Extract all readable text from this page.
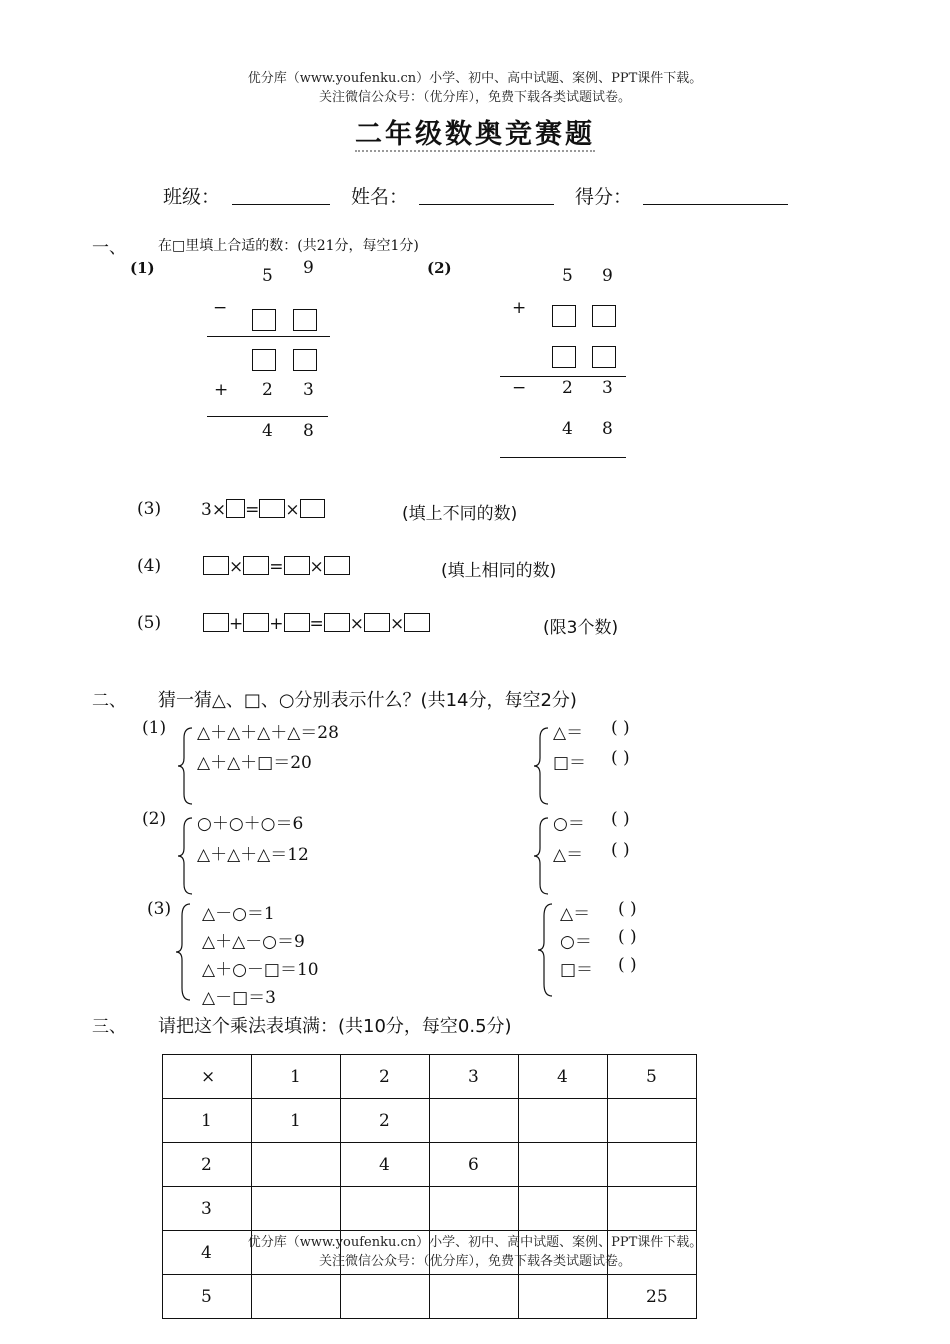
优分库（www.youfenku.cn）小学、初中、高中试题、案例、PPT课件下载。
关注微信公众号：（优分库），免费下载各类试题试卷。
二年级数奥竞赛题
班级：	姓名：	得分：
一、 在□里填上合适的数：(共21分，每空1分)
(1)	5 9
−
+ 2 3
4 8
(2)	5 9
+
− 2 3
4 8
(3) 3× = ×	(填上不同的数)
(4)	× = ×	(填上相同的数)
(5)	+ + = × ×	(限3个数)
二、 猜一猜△、□、○分别表示什么？(共14分，每空2分)
(1) △＋△＋△＋△＝28
△＋△＋□＝20
△＝ ( )
□＝ ( )
(2) ○＋○＋○＝6
△＋△＋△＝12
○＝ ( )
△＝ ( )
(3) △－○＝1
△＋△－○＝9
△＋○－□＝10
△－□＝3
△＝ ( )
○＝ ( )
□＝ ( )
三、 请把这个乘法表填满：(共10分，每空0.5分)
×	1	2	3	4	5
1	1	2			
2		4	6		
3					
4					
5					25
优分库（www.youfenku.cn）小学、初中、高中试题、案例、PPT课件下载。
关注微信公众号：（优分库），免费下载各类试题试卷。
